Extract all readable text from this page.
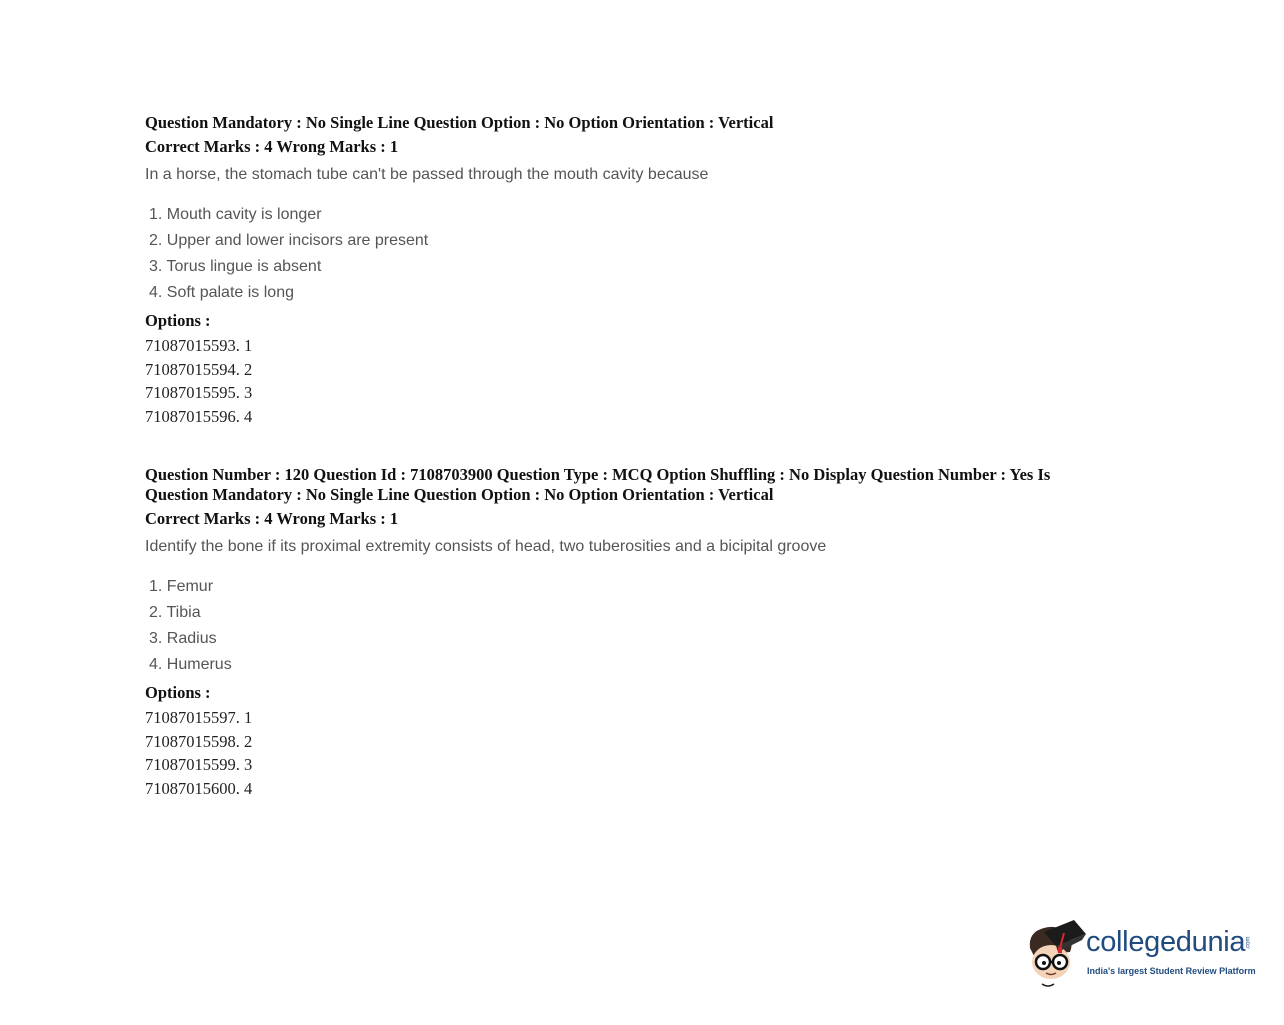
Question Mandatory : No Single Line Question Option : No Option Orientation : Vertical

Correct Marks : 4 Wrong Marks : 1

In a horse, the stomach tube can't be passed through the mouth cavity because
1. Mouth cavity is longer
2. Upper and lower incisors are present
3. Torus lingue is absent
4. Soft palate is long
Options :
71087015593. 1
71087015594. 2
71087015595. 3
71087015596. 4

Question Number : 120 Question Id : 7108703900 Question Type : MCQ Option Shuffling : No Display Question Number : Yes Is
Question Mandatory : No Single Line Question Option : No Option Orientation : Vertical

Correct Marks : 4 Wrong Marks : 1

Identify the bone if its proximal extremity consists of head, two tuberosities and a bicipital groove
1. Femur
2. Tibia
3. Radius
4. Humerus
Options :
71087015597. 1
71087015598. 2
71087015599. 3
71087015600. 4
collegedunia .com
India's largest Student Review Platform
